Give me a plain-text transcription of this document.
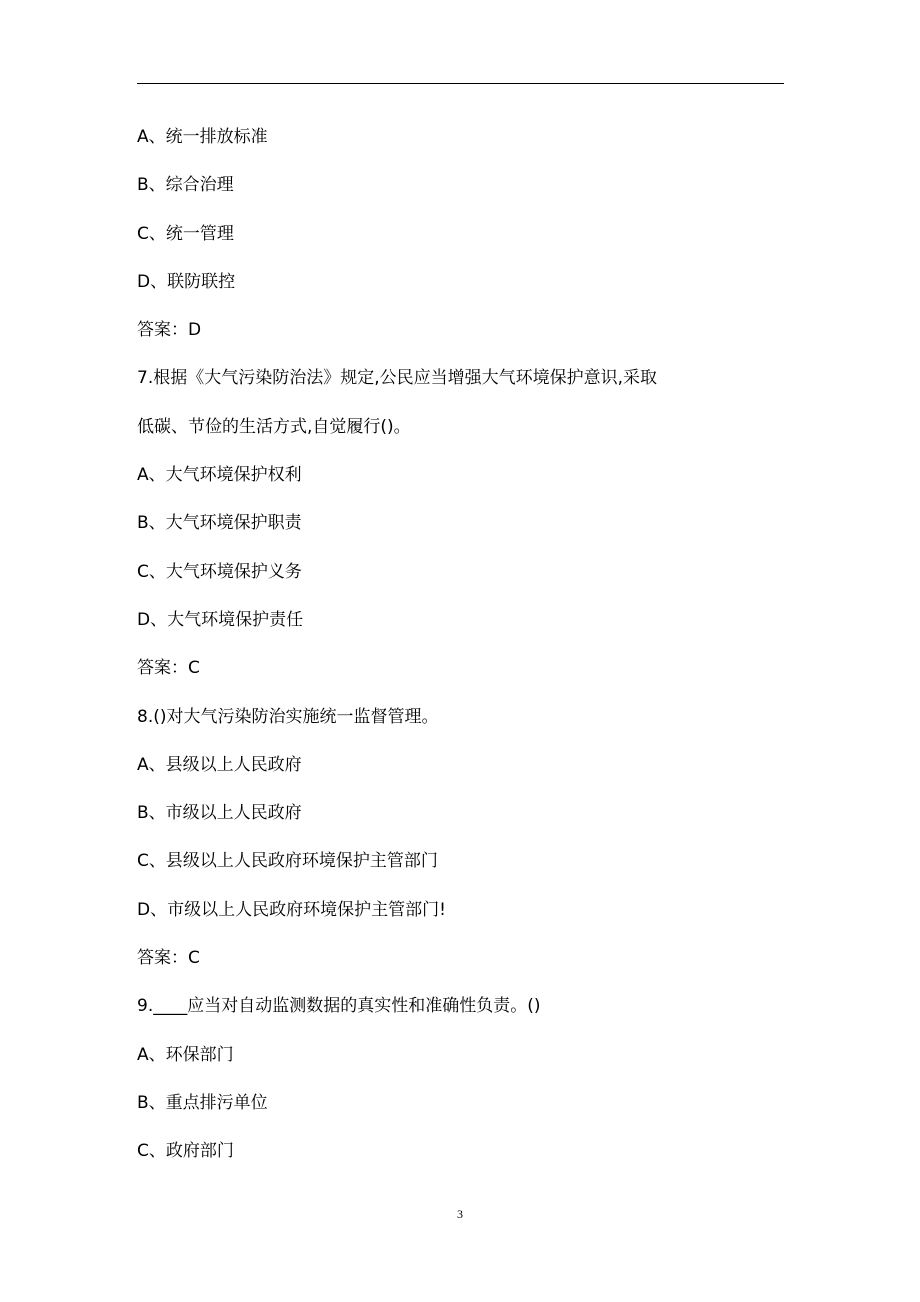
A、统一排放标准
B、综合治理
C、统一管理
D、联防联控
答案：D
7.根据《大气污染防治法》规定,公民应当增强大气环境保护意识,采取
低碳、节俭的生活方式,自觉履行()。
A、大气环境保护权利
B、大气环境保护职责
C、大气环境保护义务
D、大气环境保护责任
答案：C
8.()对大气污染防治实施统一监督管理。
A、县级以上人民政府
B、市级以上人民政府
C、县级以上人民政府环境保护主管部门
D、市级以上人民政府环境保护主管部门!
答案：C
9.____应当对自动监测数据的真实性和准确性负责。()
A、环保部门
B、重点排污单位
C、政府部门
3
